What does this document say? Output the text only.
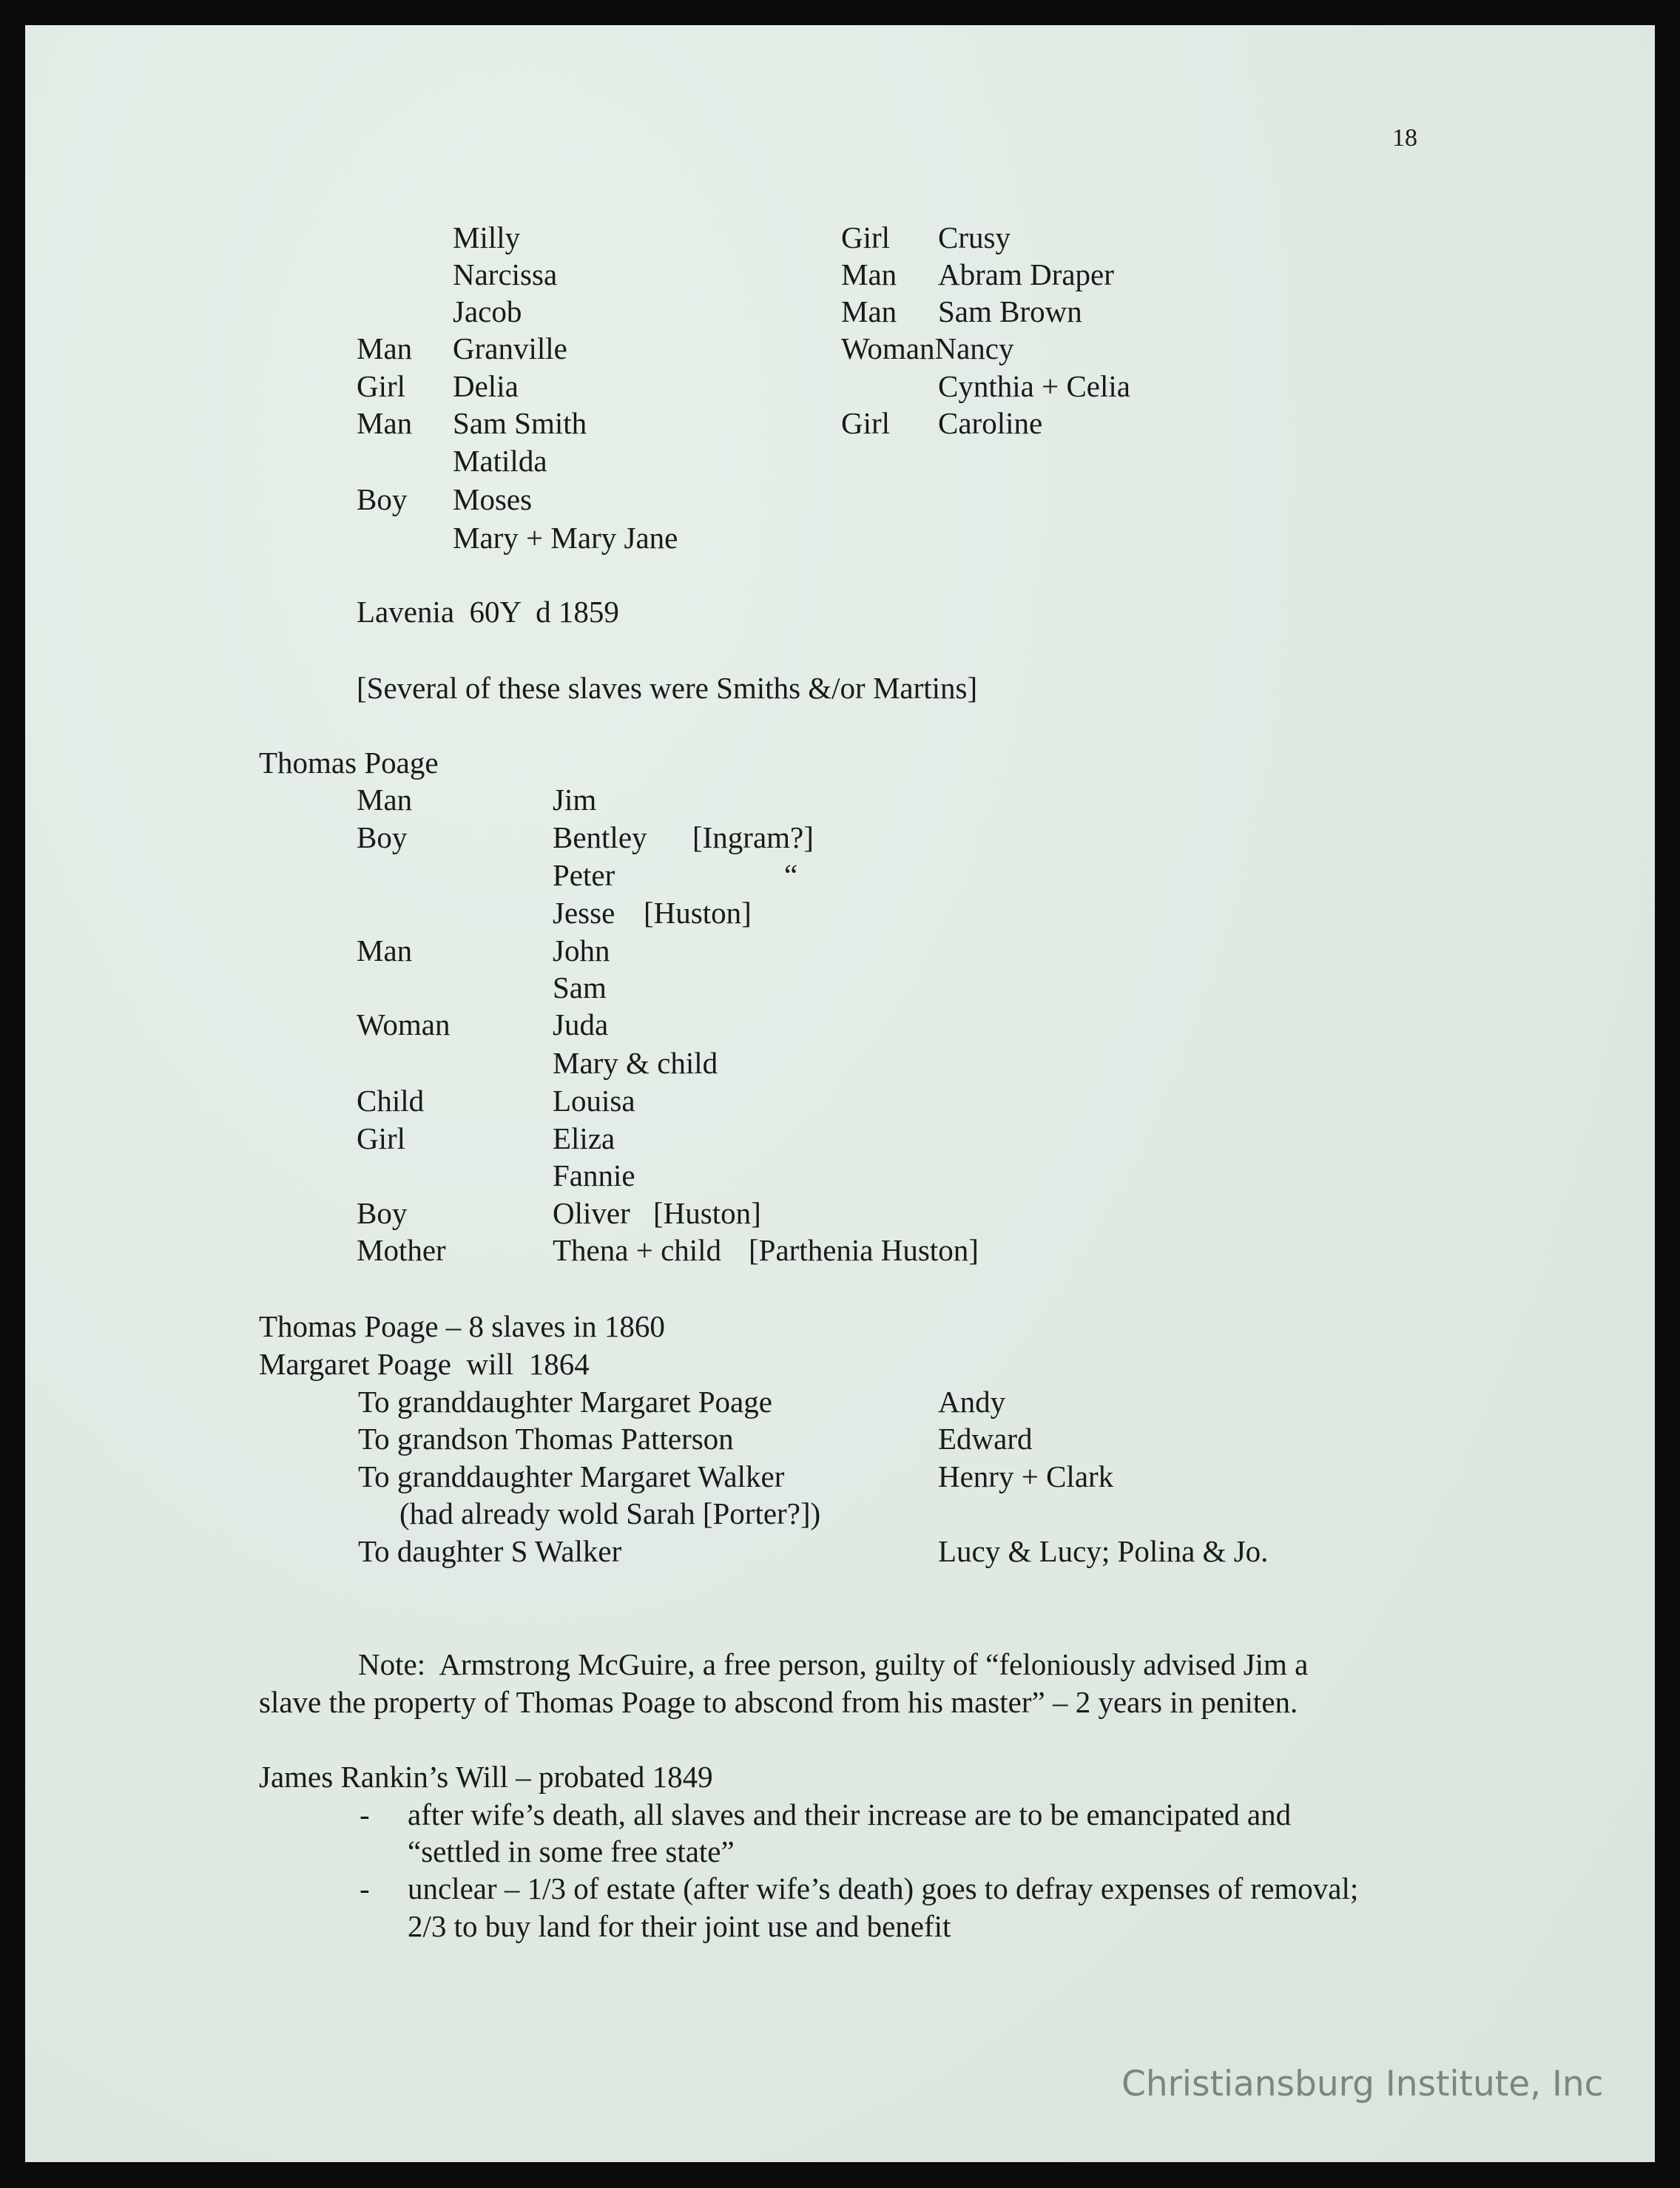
18
Man
Girl
Man
Boy
Milly
Narcissa
Jacob
Granville
Delia
Sam Smith
Matilda
Moses
Mary + Mary Jane
Girl
Man
Man
WomanNancy
Girl
Crusy
Abram Draper
Sam Brown
Cynthia + Celia
Caroline
Lavenia  60Y  d 1859
[Several of these slaves were Smiths &/or Martins]
Thomas Poage
Man
Boy
Man
Woman
Child
Girl
Boy
Mother
Jim
Bentley
Peter
Jesse
John
Sam
Juda
Mary & child
Louisa
Eliza
Fannie
Oliver
Thena + child
[Ingram?]
“
[Huston]
[Huston]
[Parthenia Huston]
Thomas Poage – 8 slaves in 1860
Margaret Poage  will  1864
To granddaughter Margaret Poage
To grandson Thomas Patterson
To granddaughter Margaret Walker
(had already wold Sarah [Porter?])
To daughter S Walker
Andy
Edward
Henry + Clark
Lucy & Lucy; Polina & Jo.
Note:  Armstrong McGuire, a free person, guilty of “feloniously advised Jim a
slave the property of Thomas Poage to abscond from his master” – 2 years in peniten.
James Rankin’s Will – probated 1849
- after wife’s death, all slaves and their increase are to be emancipated and
“settled in some free state”
- unclear – 1/3 of estate (after wife’s death) goes to defray expenses of removal;
2/3 to buy land for their joint use and benefit
Christiansburg Institute, Inc
